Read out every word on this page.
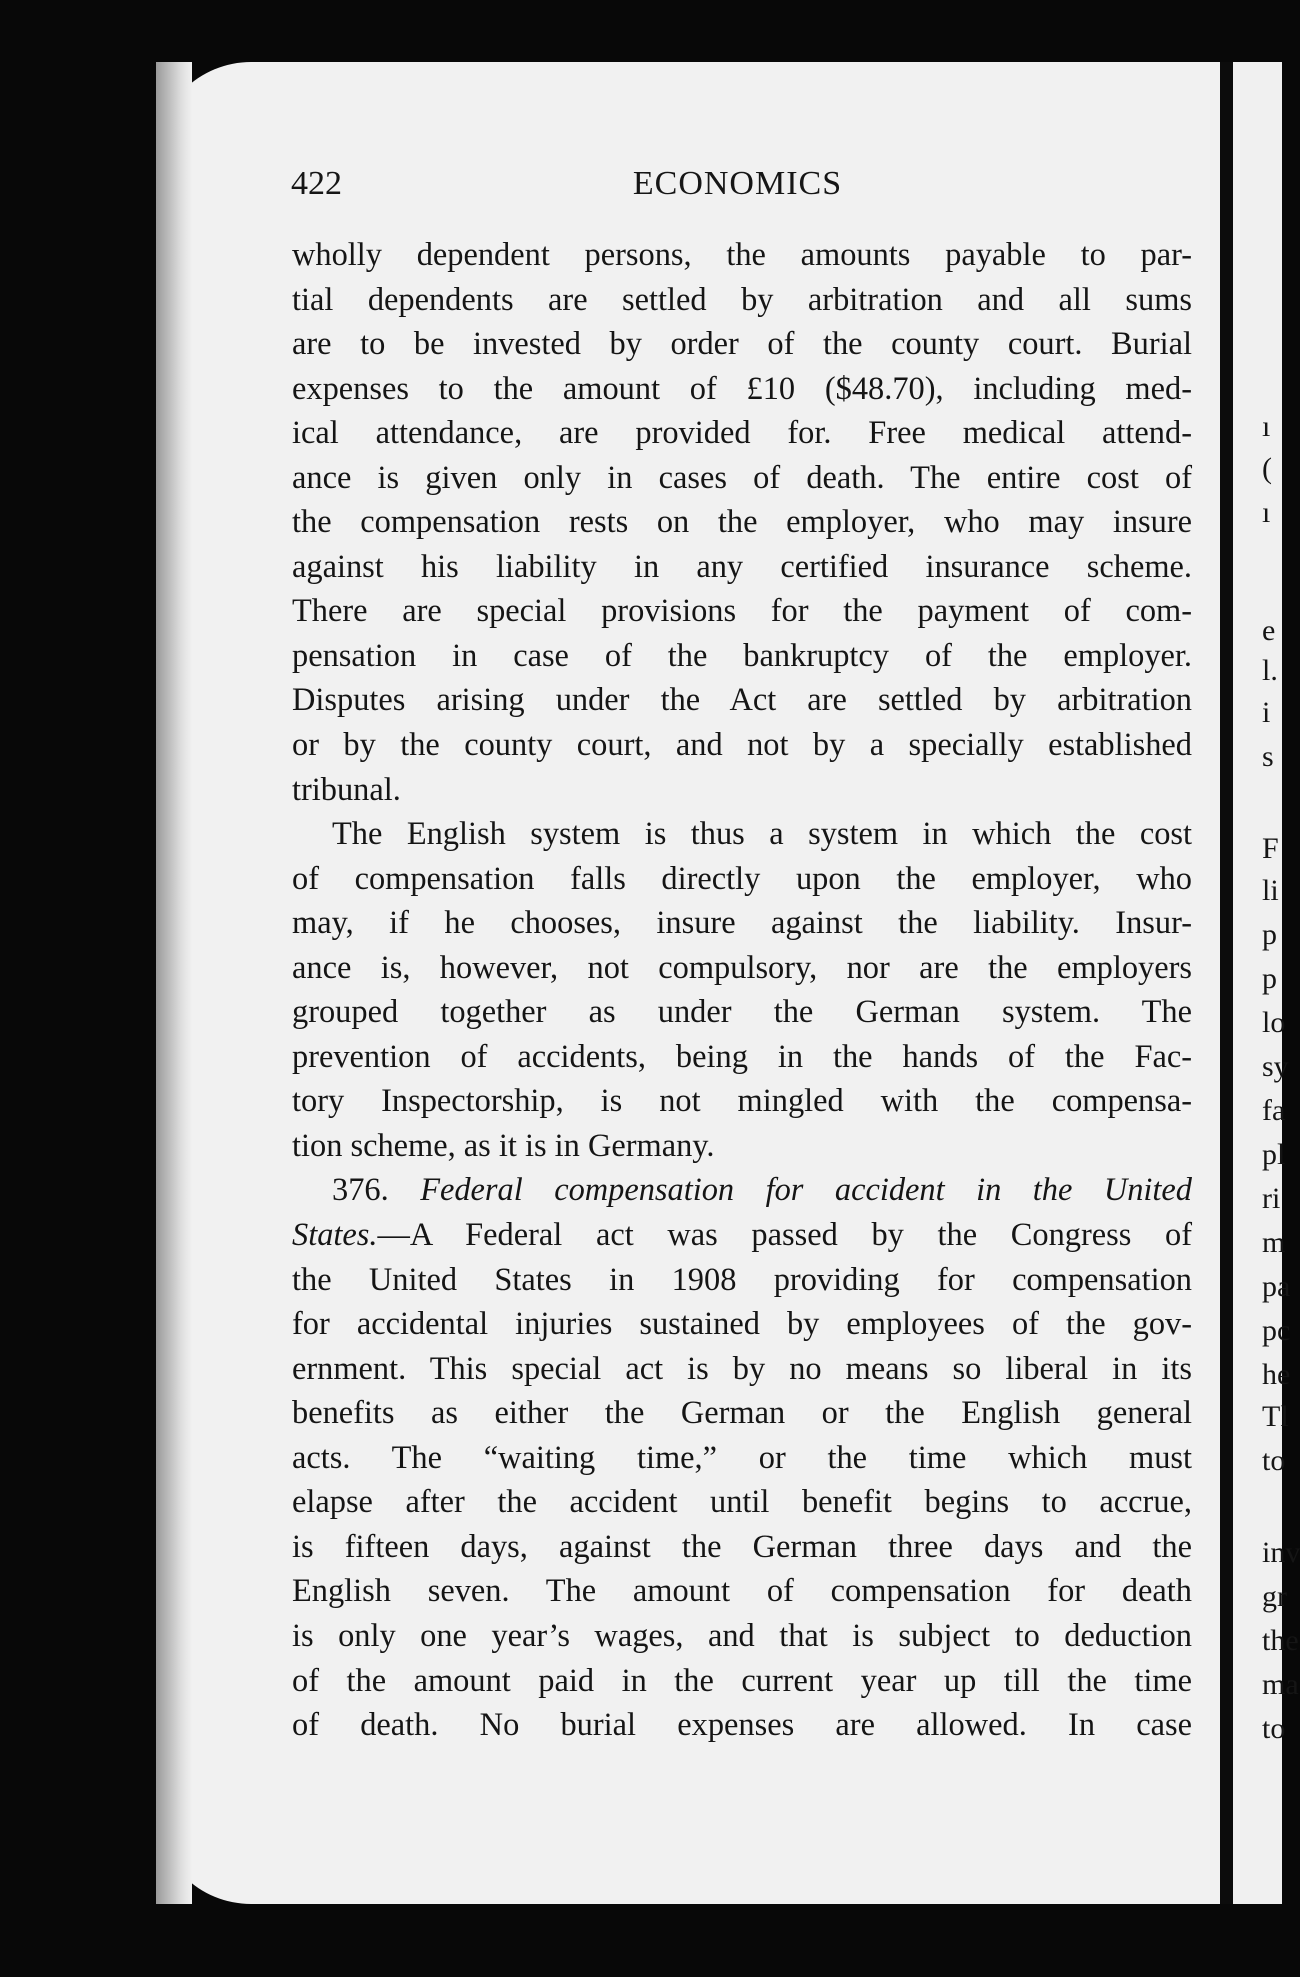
422	ECONOMICS
wholly dependent persons, the amounts payable to par-
tial dependents are settled by arbitration and all sums
are to be invested by order of the county court. Burial
expenses to the amount of £10 ($48.70), including med-
ical attendance, are provided for. Free medical attend-
ance is given only in cases of death. The entire cost of
the compensation rests on the employer, who may insure
against his liability in any certified insurance scheme.
There are special provisions for the payment of com-
pensation in case of the bankruptcy of the employer.
Disputes arising under the Act are settled by arbitration
or by the county court, and not by a specially established
tribunal.
The English system is thus a system in which the cost
of compensation falls directly upon the employer, who
may, if he chooses, insure against the liability. Insur-
ance is, however, not compulsory, nor are the employers
grouped together as under the German system. The
prevention of accidents, being in the hands of the Fac-
tory Inspectorship, is not mingled with the compensa-
tion scheme, as it is in Germany.
376. Federal compensation for accident in the United
States.—A Federal act was passed by the Congress of
the United States in 1908 providing for compensation
for accidental injuries sustained by employees of the gov-
ernment. This special act is by no means so liberal in its
benefits as either the German or the English general
acts. The “waiting time,” or the time which must
elapse after the accident until benefit begins to accrue,
is fifteen days, against the German three days and the
English seven. The amount of compensation for death
is only one year’s wages, and that is subject to deduction
of the amount paid in the current year up till the time
of death. No burial expenses are allowed. In case
ı
(
ı
e
l.
i
s
F
li
p
p
lo
sy
fa
pl
ri
m
pa
pc
he
Tl
to
inv
gr
the
ma
to
